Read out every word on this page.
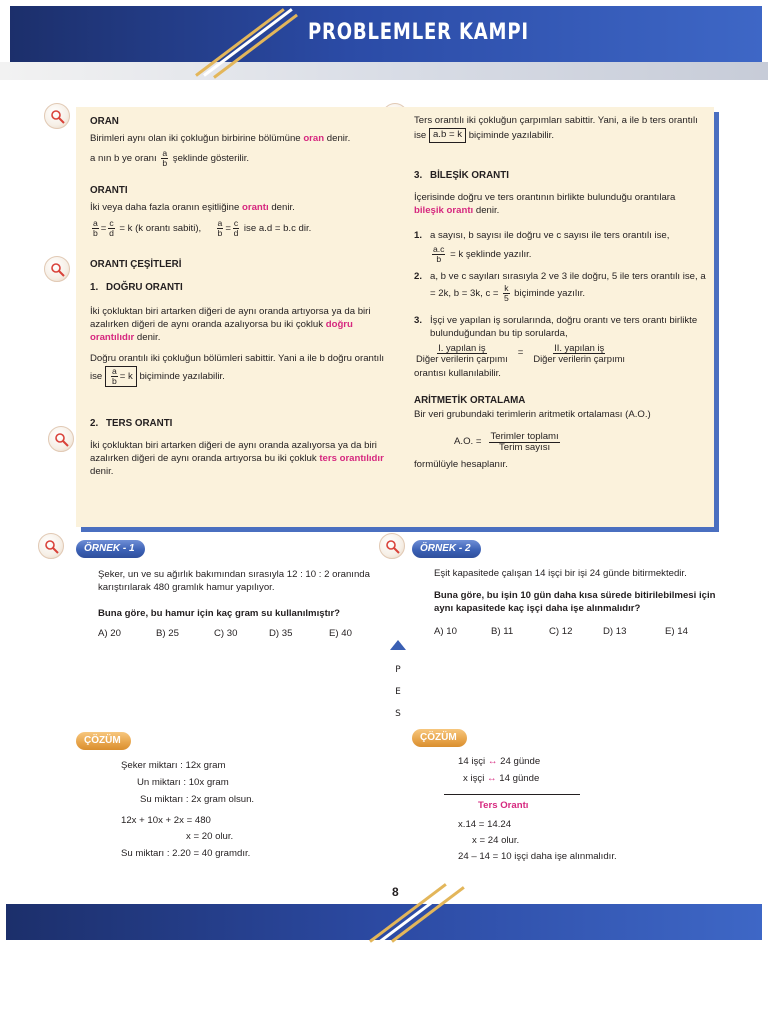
PROBLEMLER KAMPI
ORAN
Birimleri aynı olan iki çokluğun birbirine bölümüne oran denir.
a nın b ye oranı $\frac{a}{b}$ şeklinde gösterilir.
ORANTI
İki veya daha fazla oranın eşitliğine orantı denir.
$\frac{a}{b} = \frac{c}{d} = k$ (k orantı sabiti), $\frac{a}{b} = \frac{c}{d}$ ise a.d = b.c dir.
ORANTI ÇEŞİTLERİ
1. DOĞRU ORANTI
İki çokluktan biri artarken diğeri de aynı oranda artıyorsa ya da biri azalırken diğeri de aynı oranda azalıyorsa bu iki çokluk doğru orantılıdır denir.
Doğru orantılı iki çokluğun bölümleri sabittir. Yani a ile b doğru orantılı ise $\frac{a}{b} = k$ biçiminde yazılabilir.
2. TERS ORANTI
İki çokluktan biri artarken diğeri de aynı oranda azalıyorsa ya da biri azalırken diğeri de aynı oranda artıyorsa bu iki çokluk ters orantılıdır denir.
Ters orantılı iki çokluğun çarpımları sabittir. Yani, a ile b ters orantılı ise a.b = k biçiminde yazılabilir.
3. BİLEŞİK ORANTI
İçerisinde doğru ve ters orantının birlikte bulunduğu orantılara bileşik orantı denir.
1. a sayısı, b sayısı ile doğru ve c sayısı ile ters orantılı ise,
$\frac{a.c}{b} = k$ şeklinde yazılır.
2. a, b ve c sayıları sırasıyla 2 ve 3 ile doğru, 5 ile ters orantılı ise, a = 2k, b = 3k, $c = \frac{k}{5}$ biçiminde yazılır.
3. İşçi ve yapılan iş sorularında, doğru orantı ve ters orantı birlikte bulunduğundan bu tip sorularda,
$\frac{\text{I. yapılan iş}}{\text{Diğer verilerin çarpımı}} = \frac{\text{II. yapılan iş}}{\text{Diğer verilerin çarpımı}}$
orantısı kullanılabilir.
ARİTMETİK ORTALAMA
Bir veri grubundaki terimlerin aritmetik ortalaması (A.O.)
A.O. = $\frac{\text{Terimler toplamı}}{\text{Terim sayısı}}$
formülüyle hesaplanır.
ÖRNEK - 1
Şeker, un ve su ağırlık bakımından sırasıyla 12 : 10 : 2 oranında karıştırılarak 480 gramlık hamur yapılıyor.
Buna göre, bu hamur için kaç gram su kullanılmıştır?
A) 20	B) 25	C) 30	D) 35	E) 40
ÖRNEK - 2
Eşit kapasitede çalışan 14 işçi bir işi 24 günde bitirmektedir.
Buna göre, bu işin 10 gün daha kısa sürede bitirilebilmesi için aynı kapasitede kaç işçi daha işe alınmalıdır?
A) 10	B) 11	C) 12	D) 13	E) 14
P
E
S
ÇÖZÜM
Şeker miktarı : 12x gram
Un miktarı : 10x gram
Su miktarı : 2x gram olsun.
12x + 10x + 2x = 480
x = 20 olur.
Su miktarı : 2.20 = 40 gramdır.
ÇÖZÜM
14 işçi ↔ 24 günde
x işçi ↔ 14 günde
Ters Orantı
x.14 = 14.24
x = 24 olur.
24 – 14 = 10 işçi daha işe alınmalıdır.
8
